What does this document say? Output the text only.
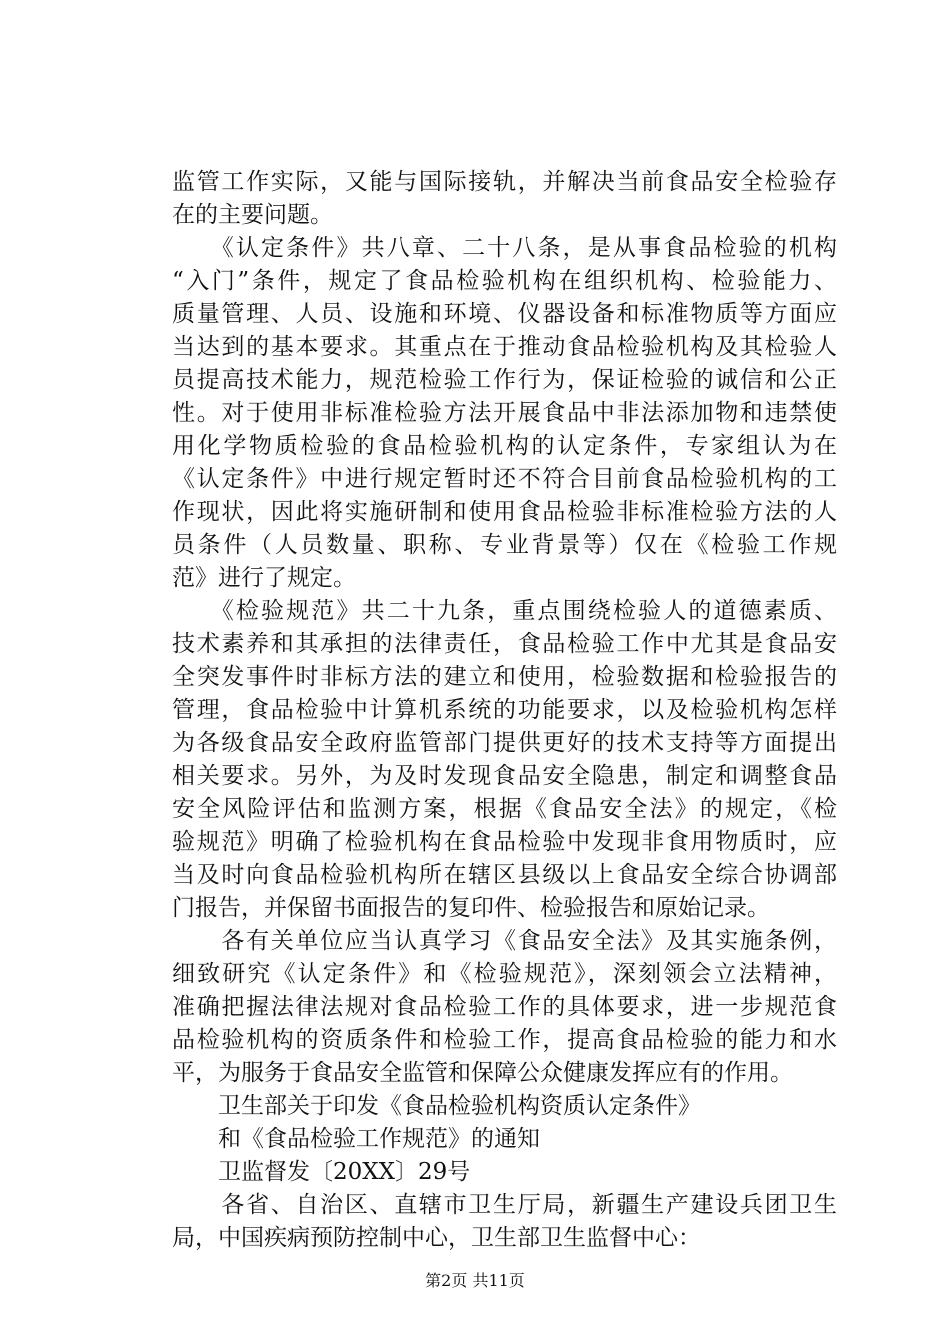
监管工作实际，又能与国际接轨，并解决当前食品安全检验存
在的主要问题。
　　《认定条件》共八章、二十八条，是从事食品检验的机构
“入门”条件，规定了食品检验机构在组织机构、检验能力、
质量管理、人员、设施和环境、仪器设备和标准物质等方面应
当达到的基本要求。其重点在于推动食品检验机构及其检验人
员提高技术能力，规范检验工作行为，保证检验的诚信和公正
性。对于使用非标准检验方法开展食品中非法添加物和违禁使
用化学物质检验的食品检验机构的认定条件，专家组认为在
《认定条件》中进行规定暂时还不符合目前食品检验机构的工
作现状，因此将实施研制和使用食品检验非标准检验方法的人
员条件（人员数量、职称、专业背景等）仅在《检验工作规
范》进行了规定。
　　《检验规范》共二十九条，重点围绕检验人的道德素质、
技术素养和其承担的法律责任，食品检验工作中尤其是食品安
全突发事件时非标方法的建立和使用，检验数据和检验报告的
管理，食品检验中计算机系统的功能要求，以及检验机构怎样
为各级食品安全政府监管部门提供更好的技术支持等方面提出
相关要求。另外，为及时发现食品安全隐患，制定和调整食品
安全风险评估和监测方案，根据《食品安全法》的规定，《检
验规范》明确了检验机构在食品检验中发现非食用物质时，应
当及时向食品检验机构所在辖区县级以上食品安全综合协调部
门报告，并保留书面报告的复印件、检验报告和原始记录。
　　各有关单位应当认真学习《食品安全法》及其实施条例，
细致研究《认定条件》和《检验规范》，深刻领会立法精神，
准确把握法律法规对食品检验工作的具体要求，进一步规范食
品检验机构的资质条件和检验工作，提高食品检验的能力和水
平，为服务于食品安全监管和保障公众健康发挥应有的作用。
　　卫生部关于印发《食品检验机构资质认定条件》
　　和《食品检验工作规范》的通知
　　卫监督发〔20XX〕29号
　　各省、自治区、直辖市卫生厅局，新疆生产建设兵团卫生
局，中国疾病预防控制中心，卫生部卫生监督中心：
第2页 共11页
